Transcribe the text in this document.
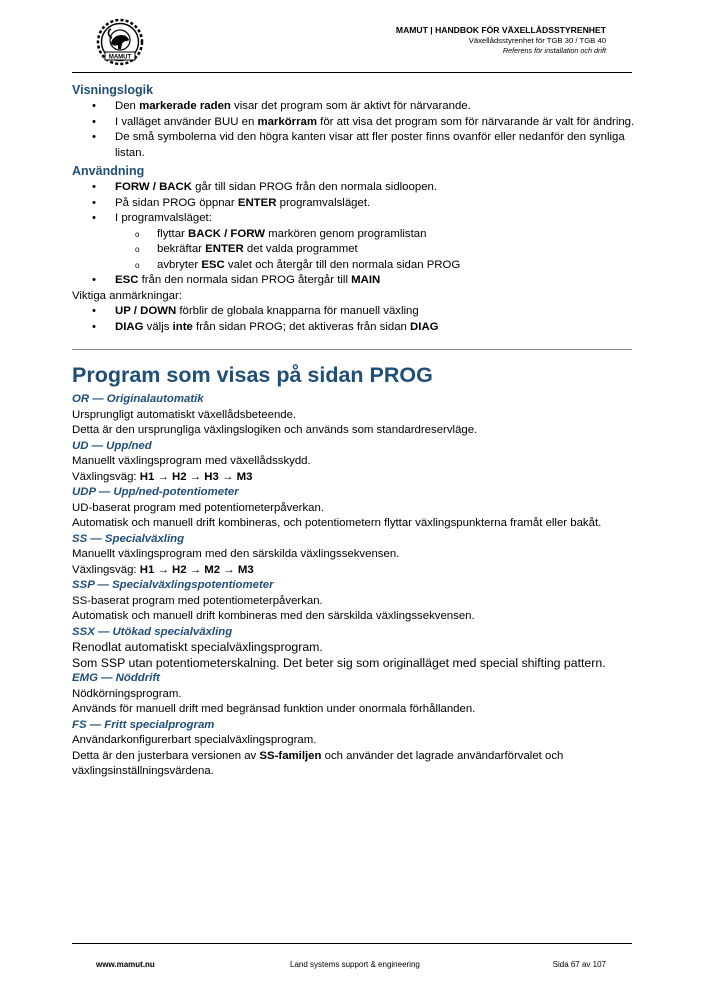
MAMUT
MAMUT | HANDBOK FÖR VÄXELLÅDSSTYRENHET
Växellådsstyrenhet för TGB 30 / TGB 40
Referens för installation och drift
Visningslogik
• Den markerade raden visar det program som är aktivt för närvarande.
• I valläget använder BUU en markörram för att visa det program som för närvarande är valt för ändring.
• De små symbolerna vid den högra kanten visar att fler poster finns ovanför eller nedanför den synliga listan.
Användning
• FORW / BACK går till sidan PROG från den normala sidloopen.
• På sidan PROG öppnar ENTER programvalsläget.
• I programvalsläget:
o flyttar BACK / FORW markören genom programlistan
o bekräftar ENTER det valda programmet
o avbryter ESC valet och återgår till den normala sidan PROG
• ESC från den normala sidan PROG återgår till MAIN

Viktiga anmärkningar:

• UP / DOWN förblir de globala knapparna för manuell växling
• DIAG väljs inte från sidan PROG; det aktiveras från sidan DIAG
Program som visas på sidan PROG
OR — Originalautomatik
Ursprungligt automatiskt växellådsbeteende.
Detta är den ursprungliga växlingslogiken och används som standardreservläge.
UD — Upp/ned
Manuellt växlingsprogram med växellådsskydd.
Växlingsväg: H1 → H2 → H3 → M3
UDP — Upp/ned-potentiometer
UD-baserat program med potentiometerpåverkan.
Automatisk och manuell drift kombineras, och potentiometern flyttar växlingspunkterna framåt eller bakåt.
SS — Specialväxling
Manuellt växlingsprogram med den särskilda växlingssekvensen.
Växlingsväg: H1 → H2 → M2 → M3
SSP — Specialväxlingspotentiometer
SS-baserat program med potentiometerpåverkan.
Automatisk och manuell drift kombineras med den särskilda växlingssekvensen.
SSX — Utökad specialväxling
Renodlat automatiskt specialväxlingsprogram.
Som SSP utan potentiometerskalning. Det beter sig som originalläget med special shifting pattern.
EMG — Nöddrift
Nödkörningsprogram.
Används för manuell drift med begränsad funktion under onormala förhållanden.
FS — Fritt specialprogram
Användarkonfigurerbart specialväxlingsprogram.
Detta är den justerbara versionen av SS-familjen och använder det lagrade användarförvalet och växlingsinställningsvärdena.
www.mamut.nu	Land systems support & engineering	Sida 67 av 107
